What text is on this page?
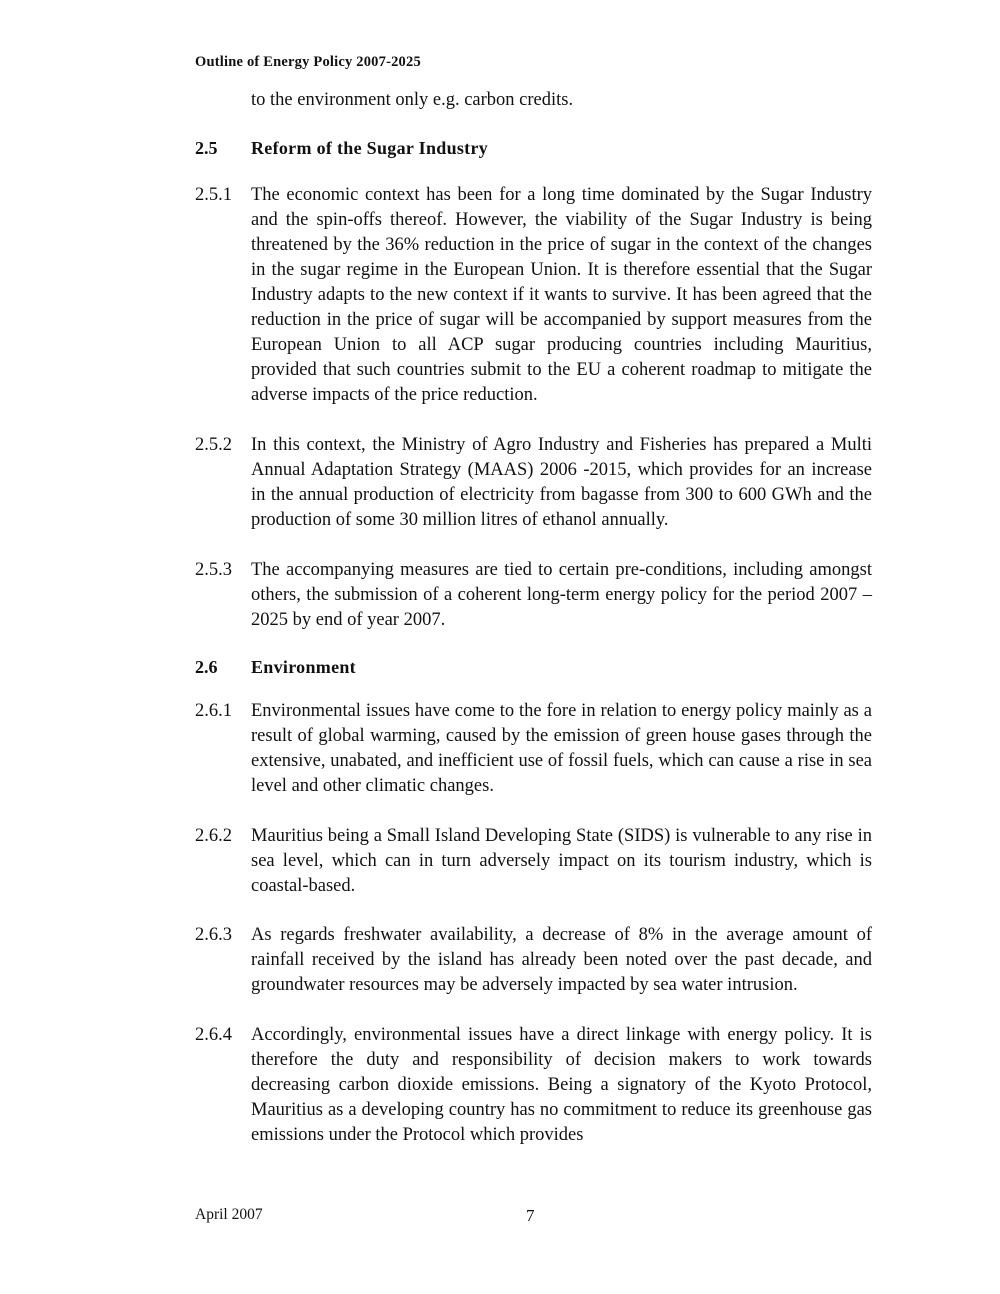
Outline of Energy Policy 2007-2025
to the environment only e.g. carbon credits.
2.5	Reform of the Sugar Industry
2.5.1	The economic context has been for a long time dominated by the Sugar Industry and the spin-offs thereof. However, the viability of the Sugar Industry is being threatened by the 36% reduction in the price of sugar in the context of the changes in the sugar regime in the European Union. It is therefore essential that the Sugar Industry adapts to the new context if it wants to survive. It has been agreed that the reduction in the price of sugar will be accompanied by support measures from the European Union to all ACP sugar producing countries including Mauritius, provided that such countries submit to the EU a coherent roadmap to mitigate the adverse impacts of the price reduction.
2.5.2	In this context, the Ministry of Agro Industry and Fisheries has prepared a Multi Annual Adaptation Strategy (MAAS) 2006 -2015, which provides for an increase in the annual production of electricity from bagasse from 300 to 600 GWh and the production of some 30 million litres of ethanol annually.
2.5.3	The accompanying measures are tied to certain pre-conditions, including amongst others, the submission of a coherent long-term energy policy for the period 2007 – 2025 by end of year 2007.
2.6	Environment
2.6.1	Environmental issues have come to the fore in relation to energy policy mainly as a result of global warming, caused by the emission of green house gases through the extensive, unabated, and inefficient use of fossil fuels, which can cause a rise in sea level and other climatic changes.
2.6.2	Mauritius being a Small Island Developing State (SIDS) is vulnerable to any rise in sea level, which can in turn adversely impact on its tourism industry, which is coastal-based.
2.6.3	As regards freshwater availability, a decrease of 8% in the average amount of rainfall received by the island has already been noted over the past decade, and groundwater resources may be adversely impacted by sea water intrusion.
2.6.4	Accordingly, environmental issues have a direct linkage with energy policy. It is therefore the duty and responsibility of decision makers to work towards decreasing carbon dioxide emissions. Being a signatory of the Kyoto Protocol, Mauritius as a developing country has no commitment to reduce its greenhouse gas emissions under the Protocol which provides
April 2007	7
